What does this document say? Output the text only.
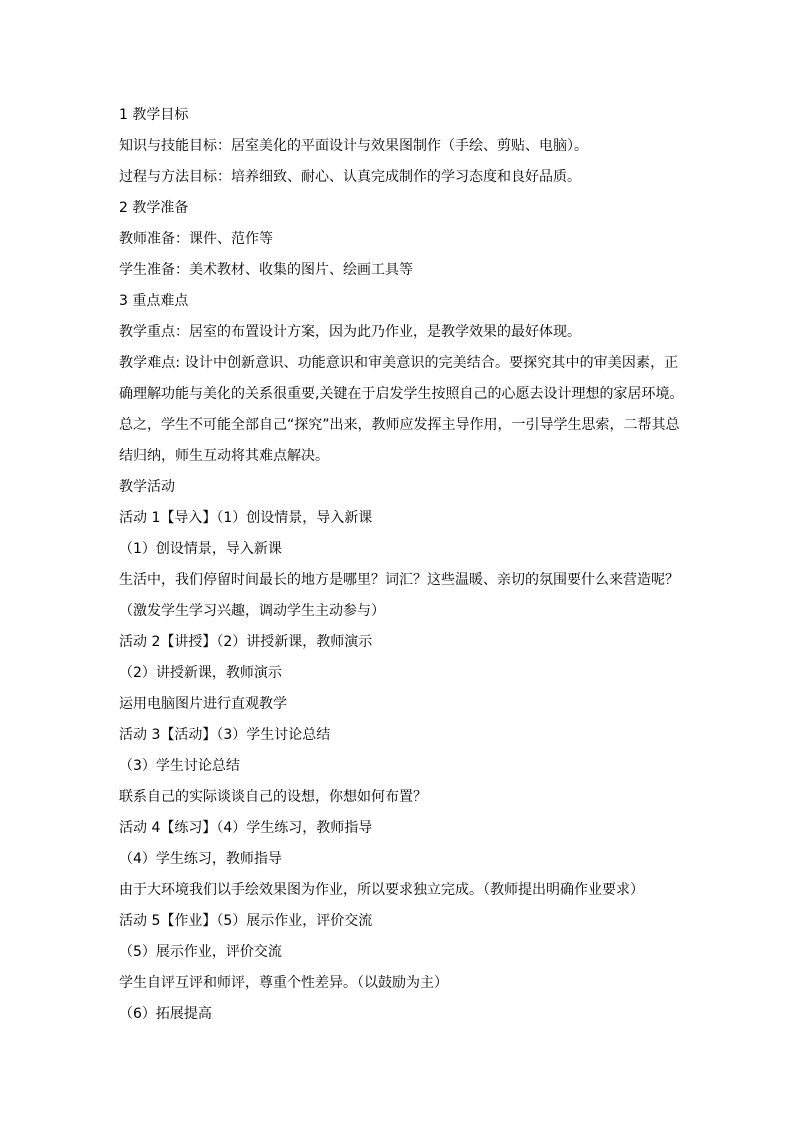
1 教学目标
知识与技能目标：居室美化的平面设计与效果图制作（手绘、剪贴、电脑）。
过程与方法目标：培养细致、耐心、认真完成制作的学习态度和良好品质。
2 教学准备
教师准备：课件、范作等
学生准备：美术教材、收集的图片、绘画工具等
3 重点难点
教学重点：居室的布置设计方案，因为此乃作业，是教学效果的最好体现。
教学难点: 设计中创新意识、功能意识和审美意识的完美结合。要探究其中的审美因素，正
确理解功能与美化的关系很重要,关键在于启发学生按照自己的心愿去设计理想的家居环境。
总之，学生不可能全部自己“探究”出来，教师应发挥主导作用，一引导学生思索，二帮其总
结归纳，师生互动将其难点解决。
教学活动
活动 1【导入】（1）创设情景，导入新课
（1）创设情景，导入新课
生活中，我们停留时间最长的地方是哪里？词汇？这些温暖、亲切的氛围要什么来营造呢？
（激发学生学习兴趣，调动学生主动参与）
活动 2【讲授】（2）讲授新课，教师演示
（2）讲授新课，教师演示
运用电脑图片进行直观教学
活动 3【活动】（3）学生讨论总结
（3）学生讨论总结
联系自己的实际谈谈自己的设想，你想如何布置？
活动 4【练习】（4）学生练习，教师指导
（4）学生练习，教师指导
由于大环境我们以手绘效果图为作业，所以要求独立完成。（教师提出明确作业要求）
活动 5【作业】（5）展示作业，评价交流
（5）展示作业，评价交流
学生自评互评和师评，尊重个性差异。（以鼓励为主）
（6）拓展提高
